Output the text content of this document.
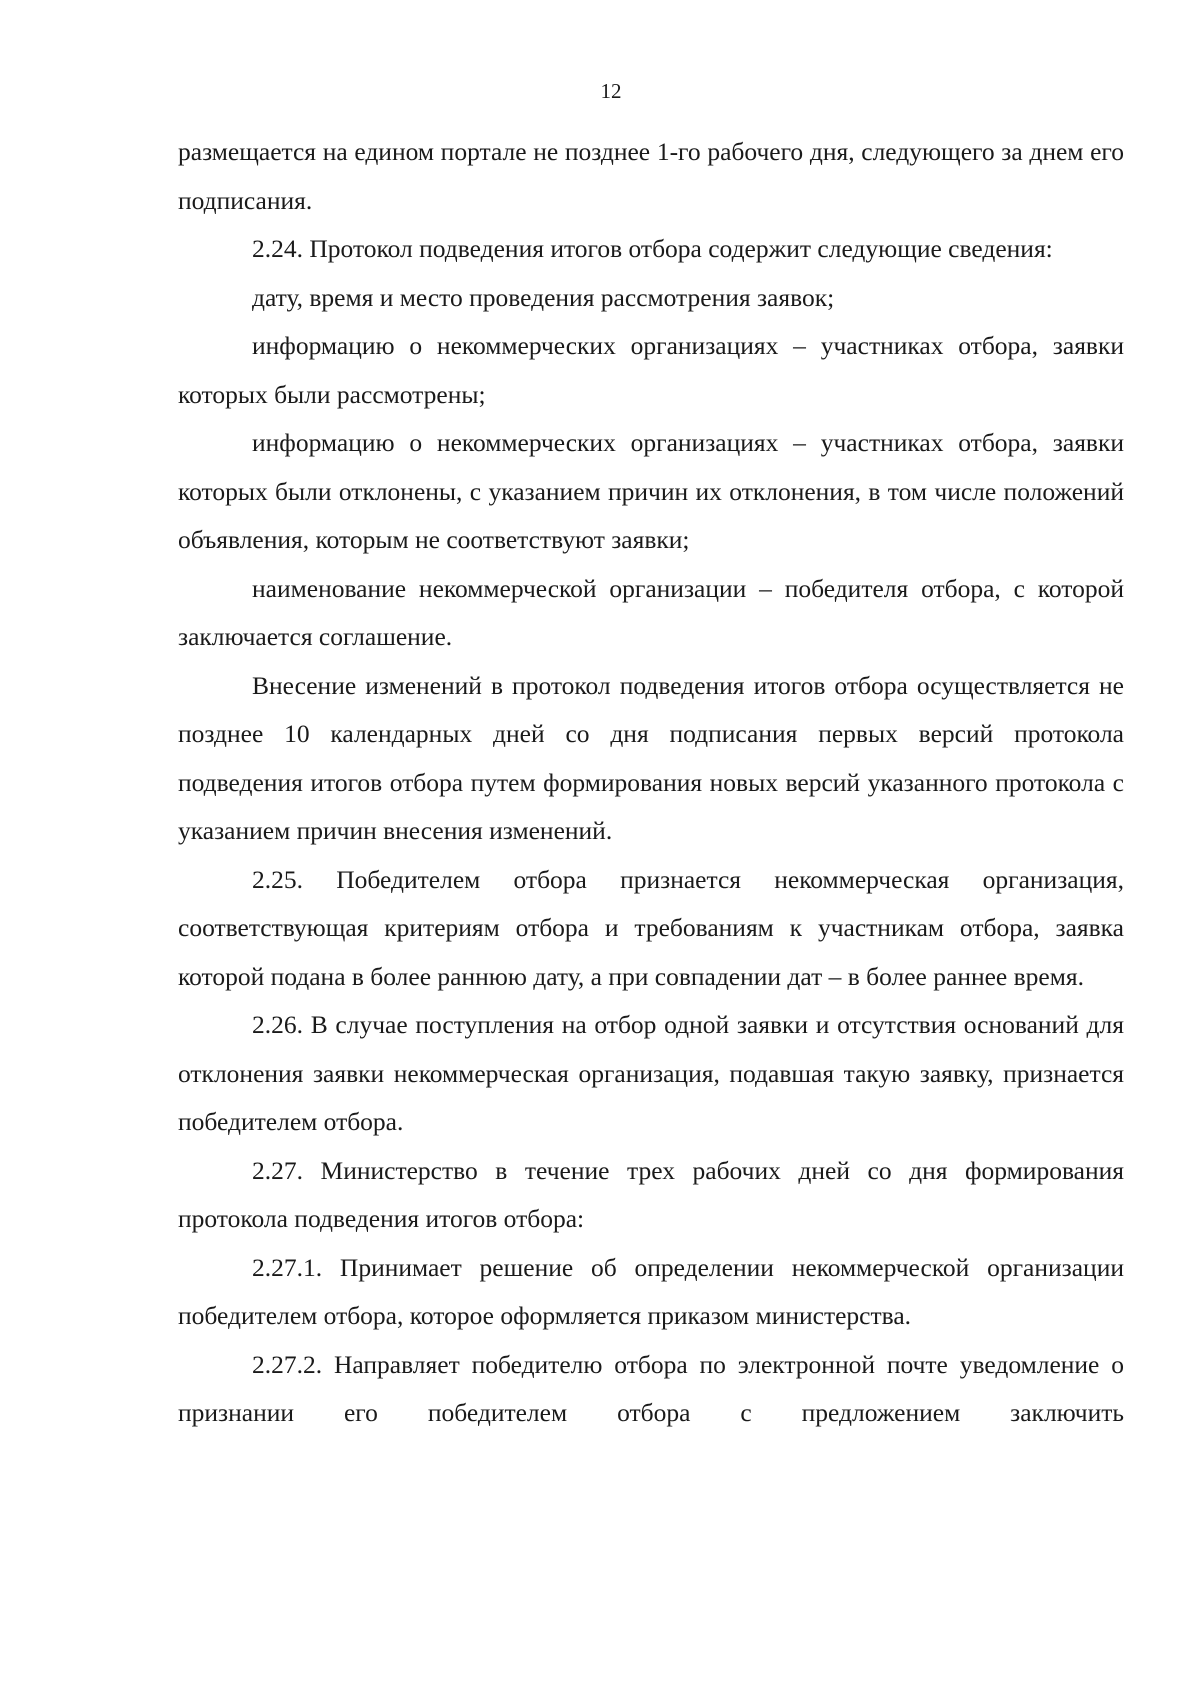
12

размещается на едином портале не позднее 1-го рабочего дня, следующего за днем его подписания.

2.24. Протокол подведения итогов отбора содержит следующие сведения:

дату, время и место проведения рассмотрения заявок;

информацию о некоммерческих организациях – участниках отбора, заявки которых были рассмотрены;

информацию о некоммерческих организациях – участниках отбора, заявки которых были отклонены, с указанием причин их отклонения, в том числе положений объявления, которым не соответствуют заявки;

наименование некоммерческой организации – победителя отбора, с которой заключается соглашение.

Внесение изменений в протокол подведения итогов отбора осуществляется не позднее 10 календарных дней со дня подписания первых версий протокола подведения итогов отбора путем формирования новых версий указанного протокола с указанием причин внесения изменений.

2.25. Победителем отбора признается некоммерческая организация, соответствующая критериям отбора и требованиям к участникам отбора, заявка которой подана в более раннюю дату, а при совпадении дат – в более раннее время.

2.26. В случае поступления на отбор одной заявки и отсутствия оснований для отклонения заявки некоммерческая организация, подавшая такую заявку, признается победителем отбора.

2.27. Министерство в течение трех рабочих дней со дня формирования протокола подведения итогов отбора:

2.27.1. Принимает решение об определении некоммерческой организации победителем отбора, которое оформляется приказом министерства.

2.27.2. Направляет победителю отбора по электронной почте уведомление о признании его победителем отбора с предложением заключить
